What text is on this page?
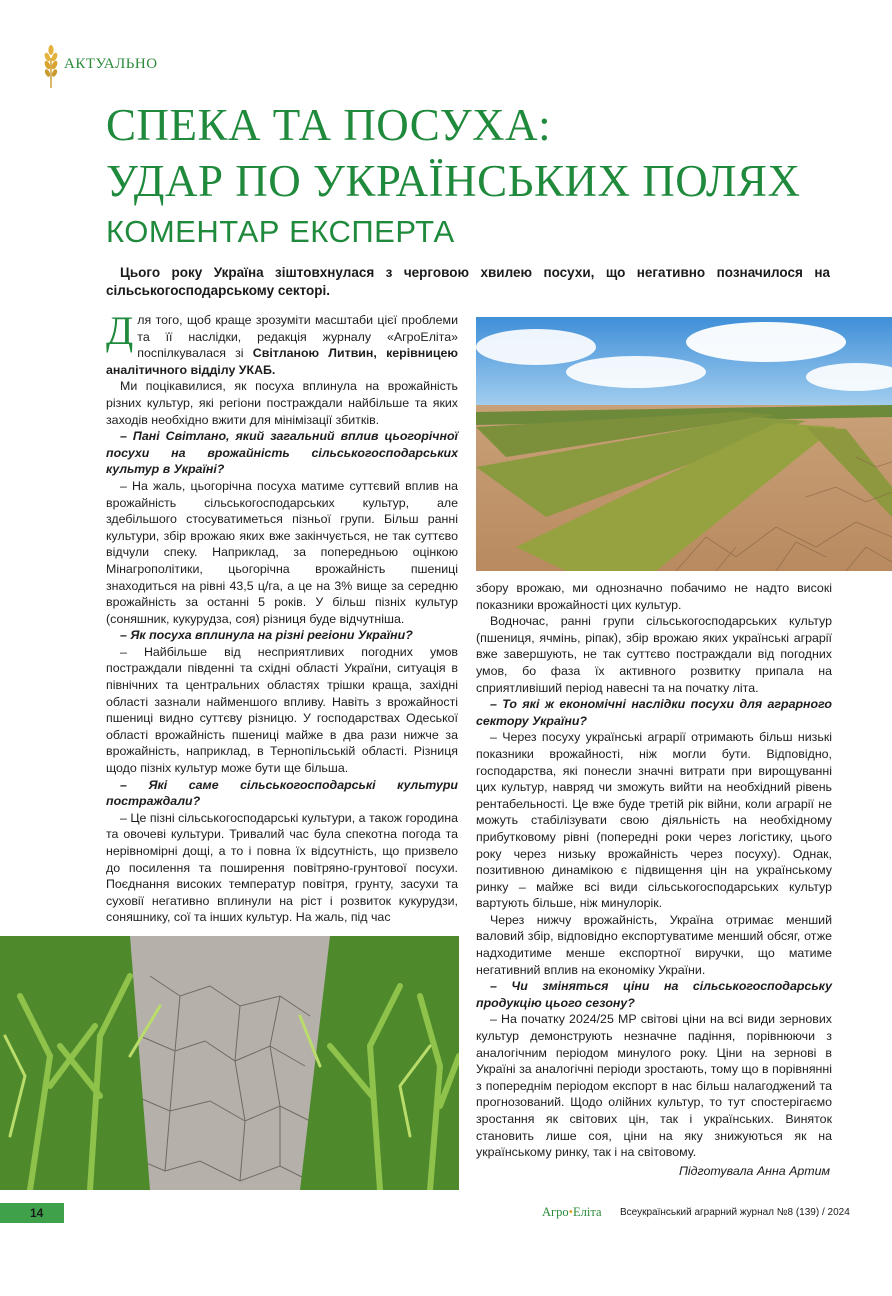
АКТУАЛЬНО
СПЕКА ТА ПОСУХА:
УДАР ПО УКРАЇНСЬКИХ ПОЛЯХ
КОМЕНТАР ЕКСПЕРТА
Цього року Україна зіштовхнулася з черговою хвилею посухи, що негативно позначилося на сільськогосподарському секторі.

Для того, щоб краще зрозуміти масштаби цієї проблеми та її наслідки, редакція журналу «АгроЕліта» поспілкувалася зі Світланою Литвин, керівницею аналітичного відділу УКАБ.

Ми поцікавилися, як посуха вплинула на врожайність різних культур, які регіони постраждали найбільше та яких заходів необхідно вжити для мінімізації збитків.

– Пані Світлано, який загальний вплив цьогорічної посухи на врожайність сільськогосподарських культур в Україні?

– На жаль, цьогорічна посуха матиме суттєвий вплив на врожайність сільськогосподарських культур, але здебільшого стосуватиметься пізньої групи. Більш ранні культури, збір врожаю яких вже закінчується, не так суттєво відчули спеку. Наприклад, за попередньою оцінкою Мінагрополітики, цьогорічна врожайність пшениці знаходиться на рівні 43,5 ц/га, а це на 3% вище за середню врожайність за останні 5 років. У більш пізніх культур (соняшник, кукурудза, соя) різниця буде відчутніша.

– Як посуха вплинула на різні регіони України?

– Найбільше від несприятливих погодних умов постраждали південні та східні області України, ситуація в північних та центральних областях трішки краща, західні області зазнали найменшого впливу. Навіть з врожайності пшениці видно суттєву різницю. У господарствах Одеської області врожайність пшениці майже в два рази нижче за врожайність, наприклад, в Тернопільській області. Різниця щодо пізніх культур може бути ще більша.

– Які саме сільськогосподарські культури постраждали?

– Це пізні сільськогосподарські культури, а також городина та овочеві культури. Тривалий час була спекотна погода та нерівномірні дощі, а то і повна їх відсутність, що призвело до посилення та поширення повітряно-грунтової посухи. Поєднання високих температур повітря, грунту, засухи та суховії негативно вплинули на ріст і розвиток кукурудзи, соняшнику, сої та інших культур. На жаль, під час

збору врожаю, ми однозначно побачимо не надто високі показники врожайності цих культур.

Водночас, ранні групи сільськогосподарських культур (пшениця, ячмінь, ріпак), збір врожаю яких українські аграрії вже завершують, не так суттєво постраждали від погодних умов, бо фаза їх активного розвитку припала на сприятливіший період навесні та на початку літа.

– То які ж економічні наслідки посухи для аграрного сектору України?

– Через посуху українські аграрії отримають більш низькі показники врожайності, ніж могли бути. Відповідно, господарства, які понесли значні витрати при вирощуванні цих культур, навряд чи зможуть вийти на необхідний рівень рентабельності. Це вже буде третій рік війни, коли аграрії не можуть стабілізувати свою діяльність на необхідному прибутковому рівні (попередні роки через логістику, цього року через низьку врожайність через посуху). Однак, позитивною динамікою є підвищення цін на українському ринку – майже всі види сільськогосподарських культур вартують більше, ніж минулорік.

Через нижчу врожайність, Україна отримає менший валовий збір, відповідно експортуватиме менший обсяг, отже надходитиме менше експортної виручки, що матиме негативний вплив на економіку України.

– Чи зміняться ціни на сільськогосподарську продукцію цього сезону?

– На початку 2024/25 МР світові ціни на всі види зернових культур демонструють незначне падіння, порівнюючи з аналогічним періодом минулого року. Ціни на зернові в Україні за аналогічні періоди зростають, тому що в порівнянні з попереднім періодом експорт в нас більш налагоджений та прогнозований. Щодо олійних культур, то тут спостерігаємо зростання як світових цін, так і українських. Виняток становить лише соя, ціни на яку знижуються як на українському ринку, так і на світовому.

Підготувала Анна Артим
14	Агро•Еліта Всеукраїнський аграрний журнал №8 (139) / 2024
